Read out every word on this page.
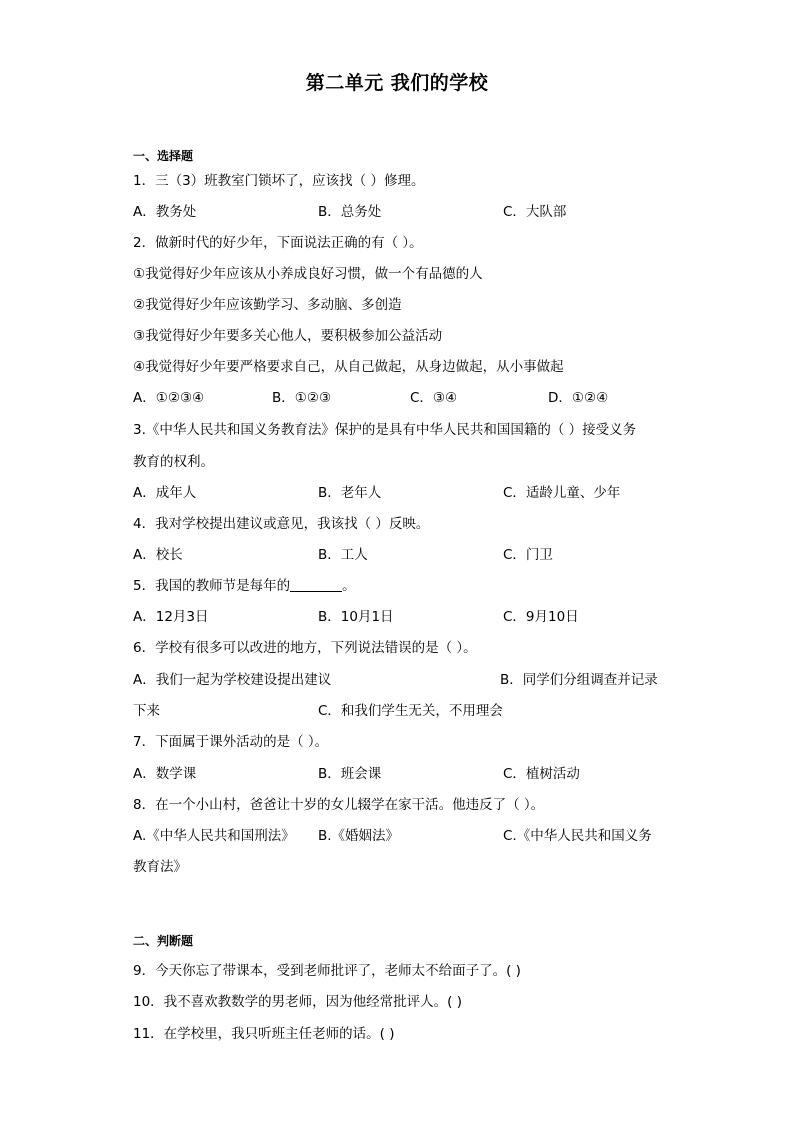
第二单元 我们的学校
一、选择题
1．三（3）班教室门锁坏了，应该找（ ）修理。
A．教务处	B．总务处	C．大队部
2．做新时代的好少年，下面说法正确的有（ ）。
①我觉得好少年应该从小养成良好习惯，做一个有品德的人
②我觉得好少年应该勤学习、多动脑、多创造
③我觉得好少年要多关心他人，要积极参加公益活动
④我觉得好少年要严格要求自己，从自己做起，从身边做起，从小事做起
A．①②③④	B．①②③	C．③④	D．①②④
3.《中华人民共和国义务教育法》保护的是具有中华人民共和国国籍的（ ）接受义务
教育的权利。
A．成年人	B．老年人	C．适龄儿童、少年
4．我对学校提出建议或意见，我该找（ ）反映。
A．校长	B．工人	C．门卫
5．我国的教师节是每年的	。
A．12月3日	B．10月1日	C．9月10日
6．学校有很多可以改进的地方，下列说法错误的是（ ）。
A．我们一起为学校建设提出建议	B．同学们分组调查并记录
下来	C．和我们学生无关，不用理会
7．下面属于课外活动的是（ ）。
A．数学课	B．班会课	C．植树活动
8．在一个小山村，爸爸让十岁的女儿辍学在家干活。他违反了（ ）。
A.《中华人民共和国刑法》 B.《婚姻法》	C.《中华人民共和国义务
教育法》
二、判断题
9．今天你忘了带课本，受到老师批评了，老师太不给面子了。( )
10．我不喜欢教数学的男老师，因为他经常批评人。( )
11．在学校里，我只听班主任老师的话。( )
